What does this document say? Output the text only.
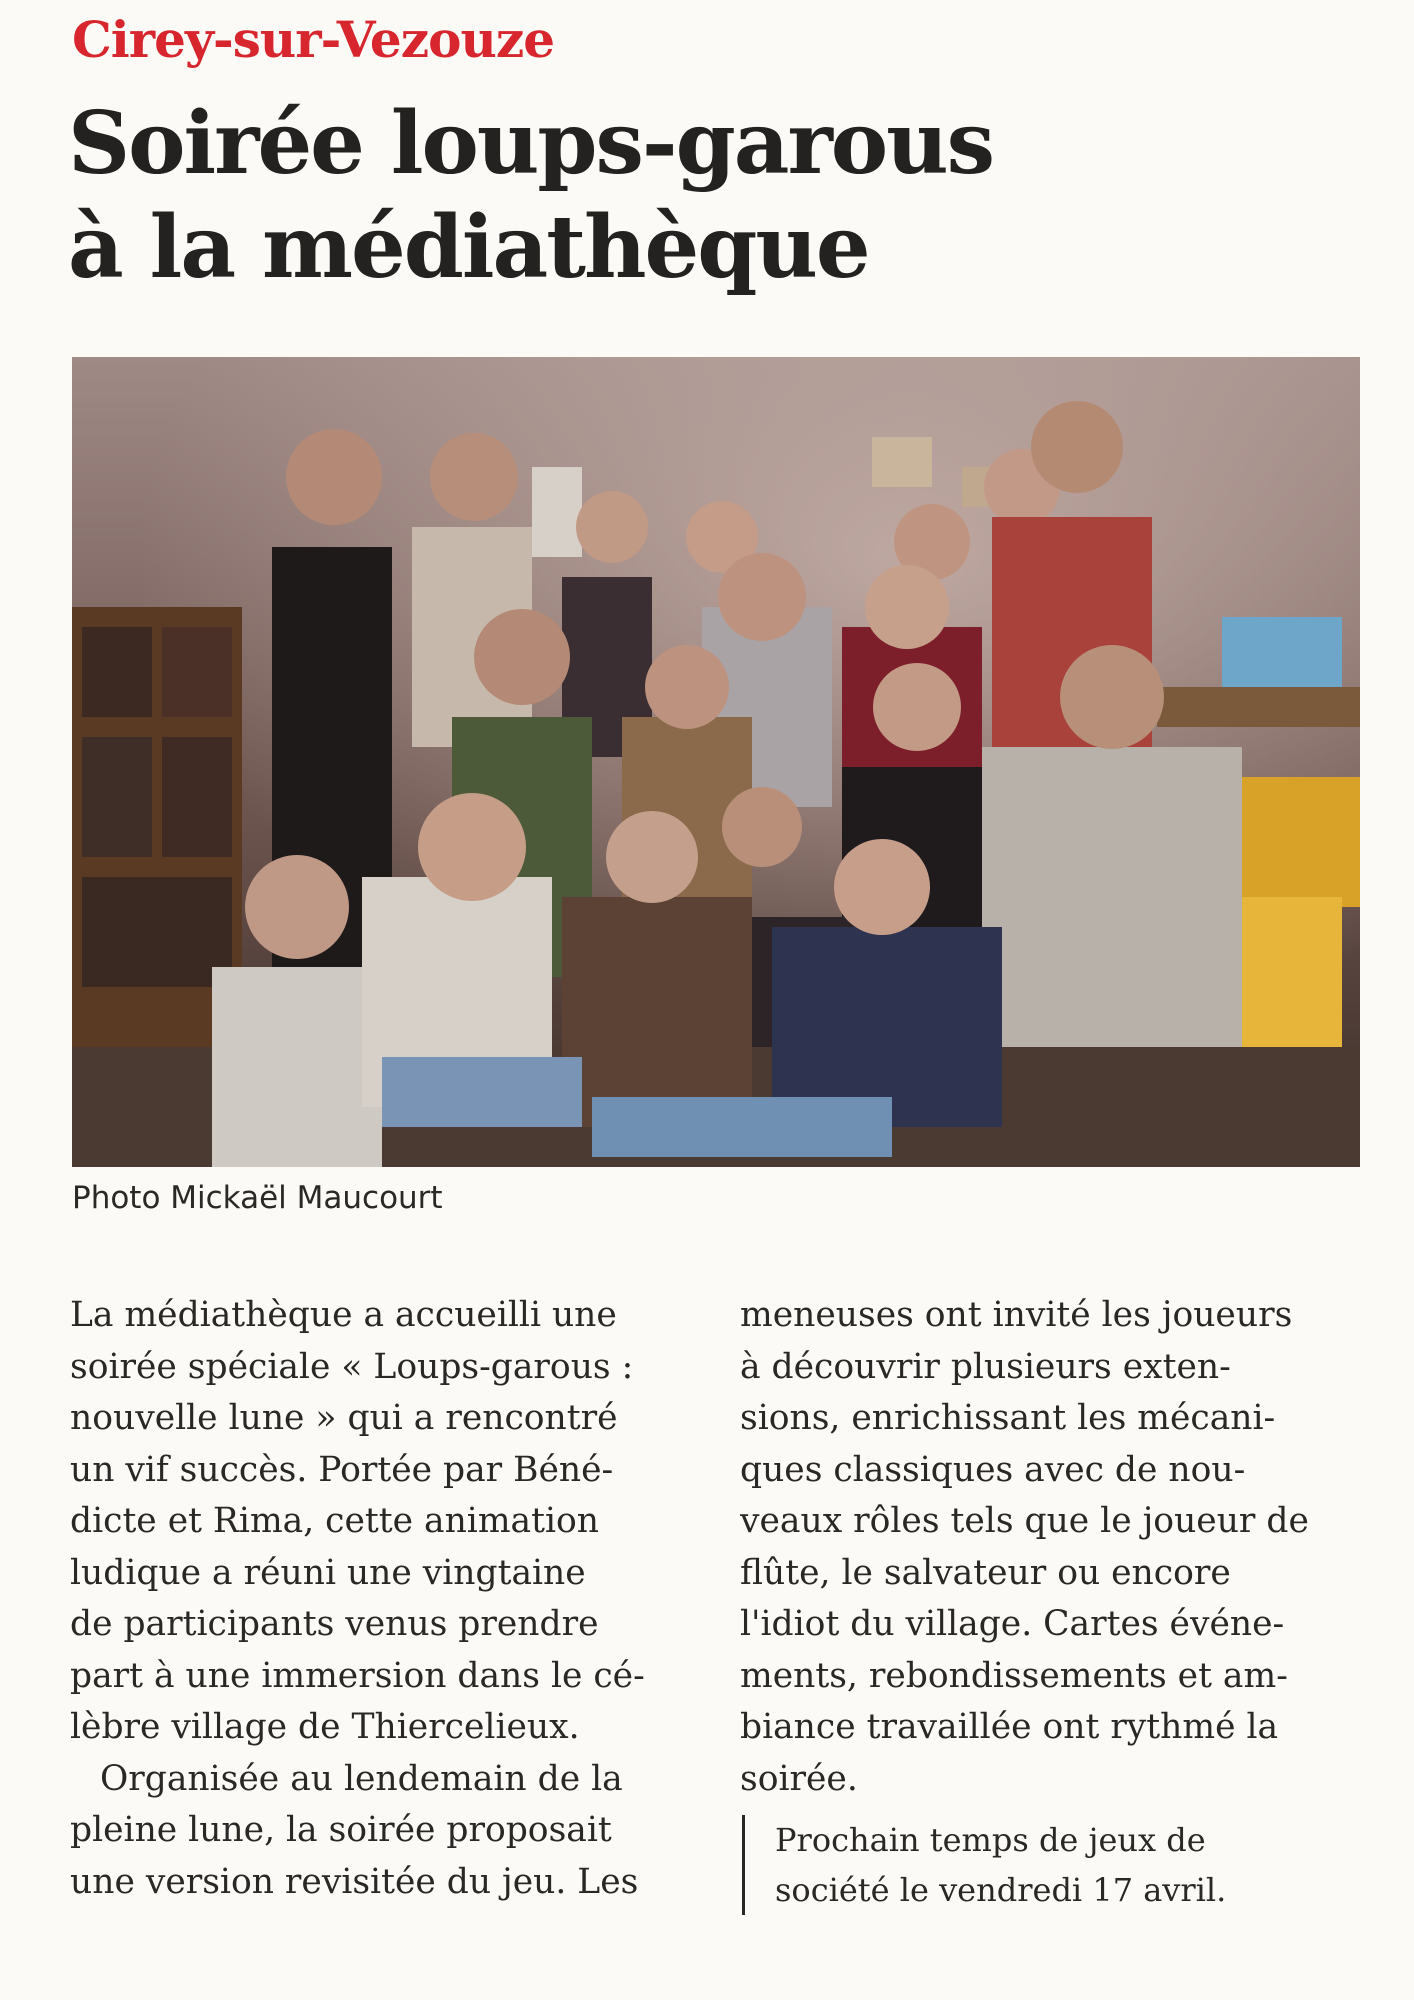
Cirey-sur-Vezouze
Soirée loups-garous
à la médiathèque
Photo Mickaël Maucourt
La médiathèque a accueilli une
soirée spéciale « Loups-garous :
nouvelle lune » qui a rencontré
un vif succès. Portée par Béné-
dicte et Rima, cette animation
ludique a réuni une vingtaine
de participants venus prendre
part à une immersion dans le cé-
lèbre village de Thiercelieux.
Organisée au lendemain de la
pleine lune, la soirée proposait
une version revisitée du jeu. Les
meneuses ont invité les joueurs
à découvrir plusieurs exten-
sions, enrichissant les mécani-
ques classiques avec de nou-
veaux rôles tels que le joueur de
flûte, le salvateur ou encore
l'idiot du village. Cartes événe-
ments, rebondissements et am-
biance travaillée ont rythmé la
soirée.
Prochain temps de jeux de
société le vendredi 17 avril.
